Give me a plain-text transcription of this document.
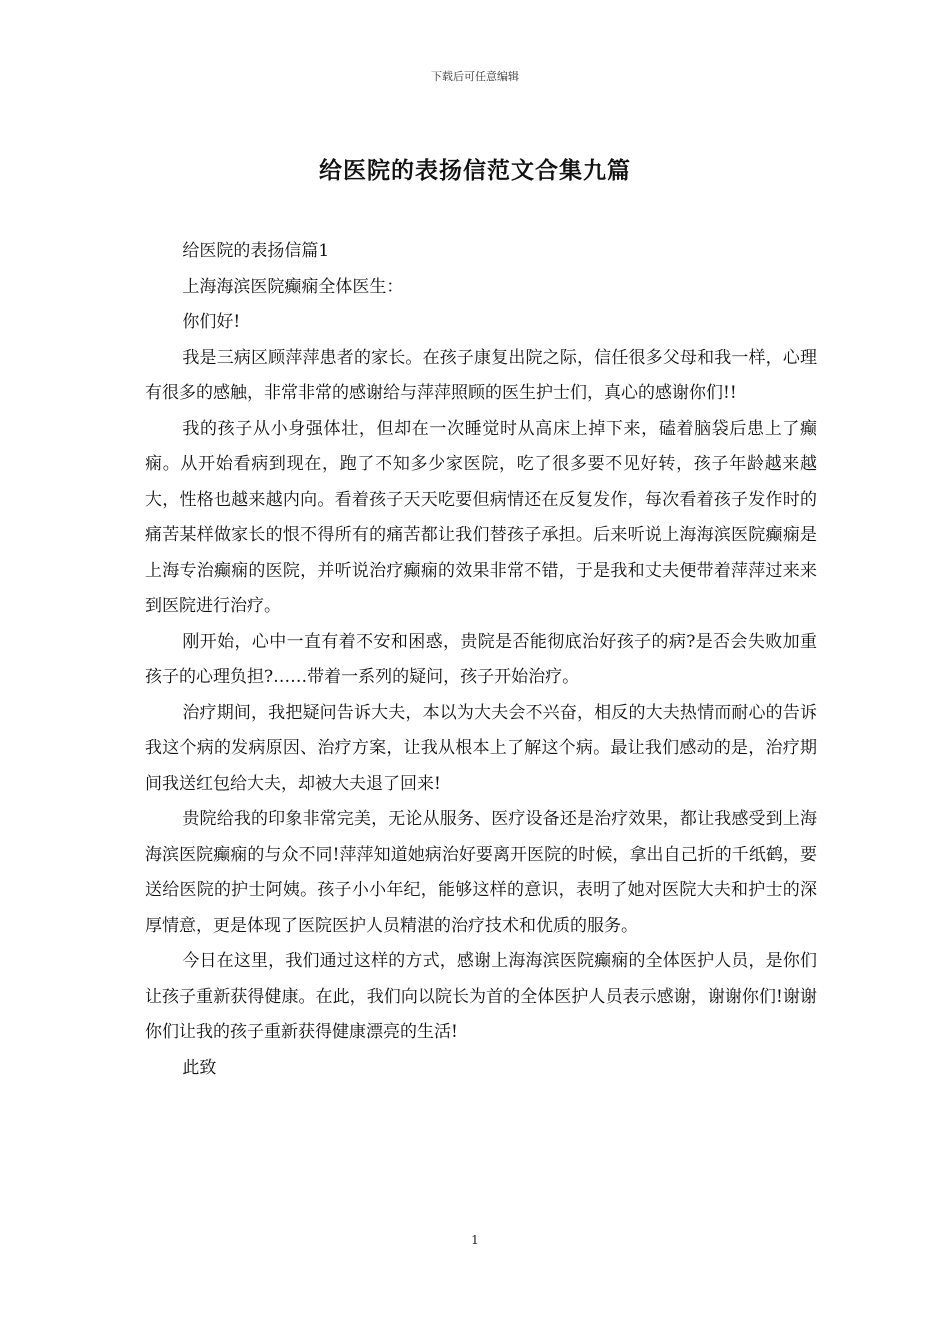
下载后可任意编辑
给医院的表扬信范文合集九篇

给医院的表扬信篇1

上海海滨医院癫痫全体医生：

你们好!

我是三病区顾萍萍患者的家长。在孩子康复出院之际，信任很多父母和我一样，心理有很多的感触，非常非常的感谢给与萍萍照顾的医生护士们，真心的感谢你们!!

我的孩子从小身强体壮，但却在一次睡觉时从高床上掉下来，磕着脑袋后患上了癫痫。从开始看病到现在，跑了不知多少家医院，吃了很多要不见好转，孩子年龄越来越大，性格也越来越内向。看着孩子天天吃要但病情还在反复发作，每次看着孩子发作时的痛苦某样做家长的恨不得所有的痛苦都让我们替孩子承担。后来听说上海海滨医院癫痫是上海专治癫痫的医院，并听说治疗癫痫的效果非常不错，于是我和丈夫便带着萍萍过来来到医院进行治疗。

刚开始，心中一直有着不安和困惑，贵院是否能彻底治好孩子的病?是否会失败加重孩子的心理负担?……带着一系列的疑问，孩子开始治疗。

治疗期间，我把疑问告诉大夫，本以为大夫会不兴奋，相反的大夫热情而耐心的告诉我这个病的发病原因、治疗方案，让我从根本上了解这个病。最让我们感动的是，治疗期间我送红包给大夫，却被大夫退了回来!

贵院给我的印象非常完美，无论从服务、医疗设备还是治疗效果，都让我感受到上海海滨医院癫痫的与众不同!萍萍知道她病治好要离开医院的时候，拿出自己折的千纸鹤，要送给医院的护士阿姨。孩子小小年纪，能够这样的意识，表明了她对医院大夫和护士的深厚情意，更是体现了医院医护人员精湛的治疗技术和优质的服务。

今日在这里，我们通过这样的方式，感谢上海海滨医院癫痫的全体医护人员，是你们让孩子重新获得健康。在此，我们向以院长为首的全体医护人员表示感谢，谢谢你们!谢谢你们让我的孩子重新获得健康漂亮的生活!

此致

1
